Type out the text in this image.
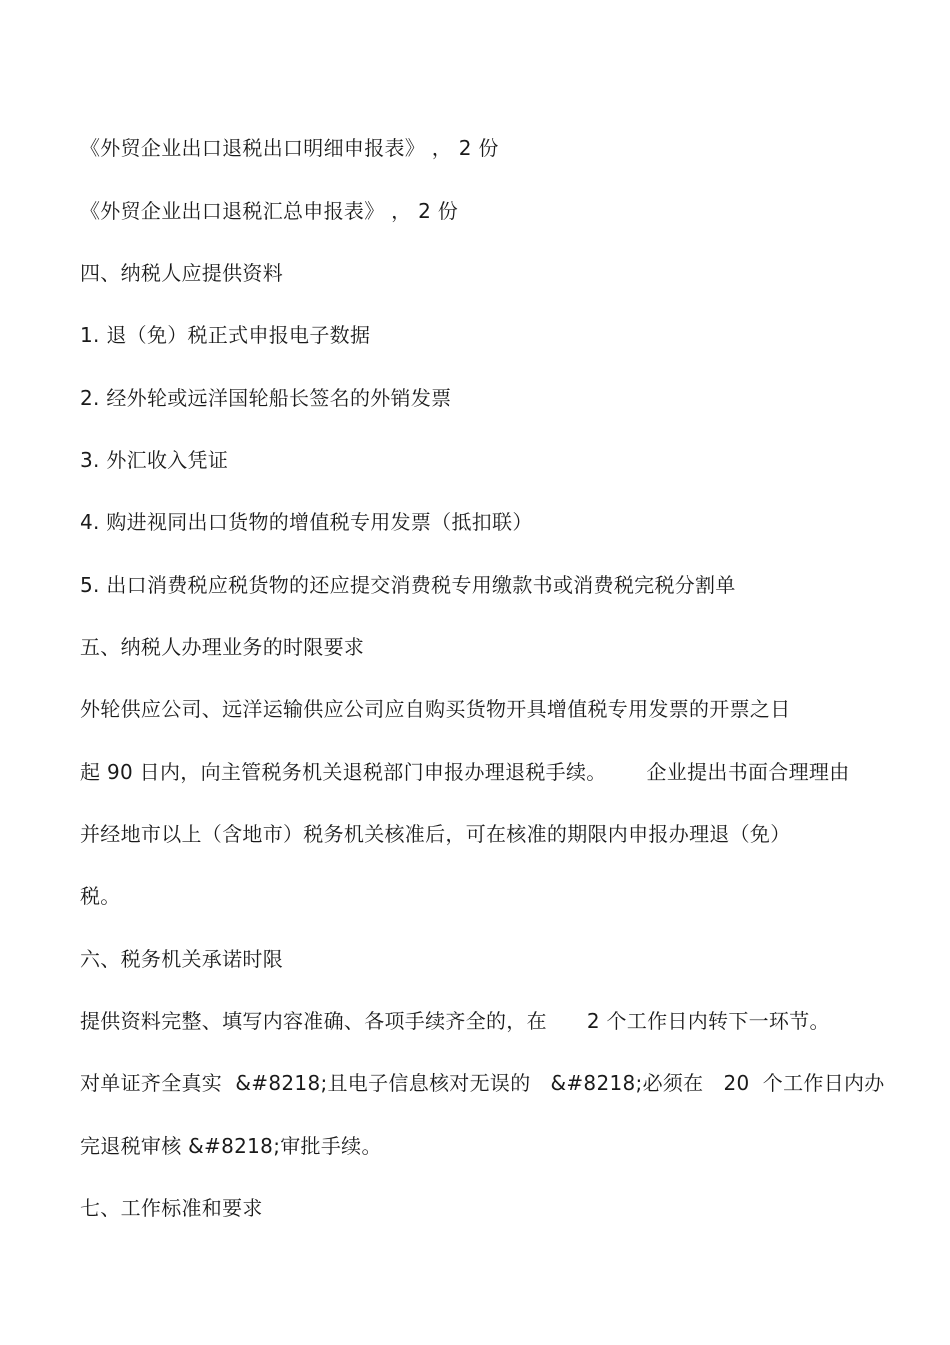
《外贸企业出口退税出口明细申报表》 ， 2 份
《外贸企业出口退税汇总申报表》 ， 2 份
四、纳税人应提供资料
1. 退（免）税正式申报电子数据
2. 经外轮或远洋国轮船长签名的外销发票
3. 外汇收入凭证
4. 购进视同出口货物的增值税专用发票（抵扣联）
5. 出口消费税应税货物的还应提交消费税专用缴款书或消费税完税分割单
五、纳税人办理业务的时限要求
外轮供应公司、远洋运输供应公司应自购买货物开具增值税专用发票的开票之日
起 90 日内，向主管税务机关退税部门申报办理退税手续。      企业提出书面合理理由
并经地市以上（含地市）税务机关核准后，可在核准的期限内申报办理退（免）
税。
六、税务机关承诺时限
提供资料完整、填写内容准确、各项手续齐全的，在      2 个工作日内转下一环节。
对单证齐全真实  &#8218;且电子信息核对无误的   &#8218;必须在   20  个工作日内办
完退税审核 &#8218;审批手续。
七、工作标准和要求
